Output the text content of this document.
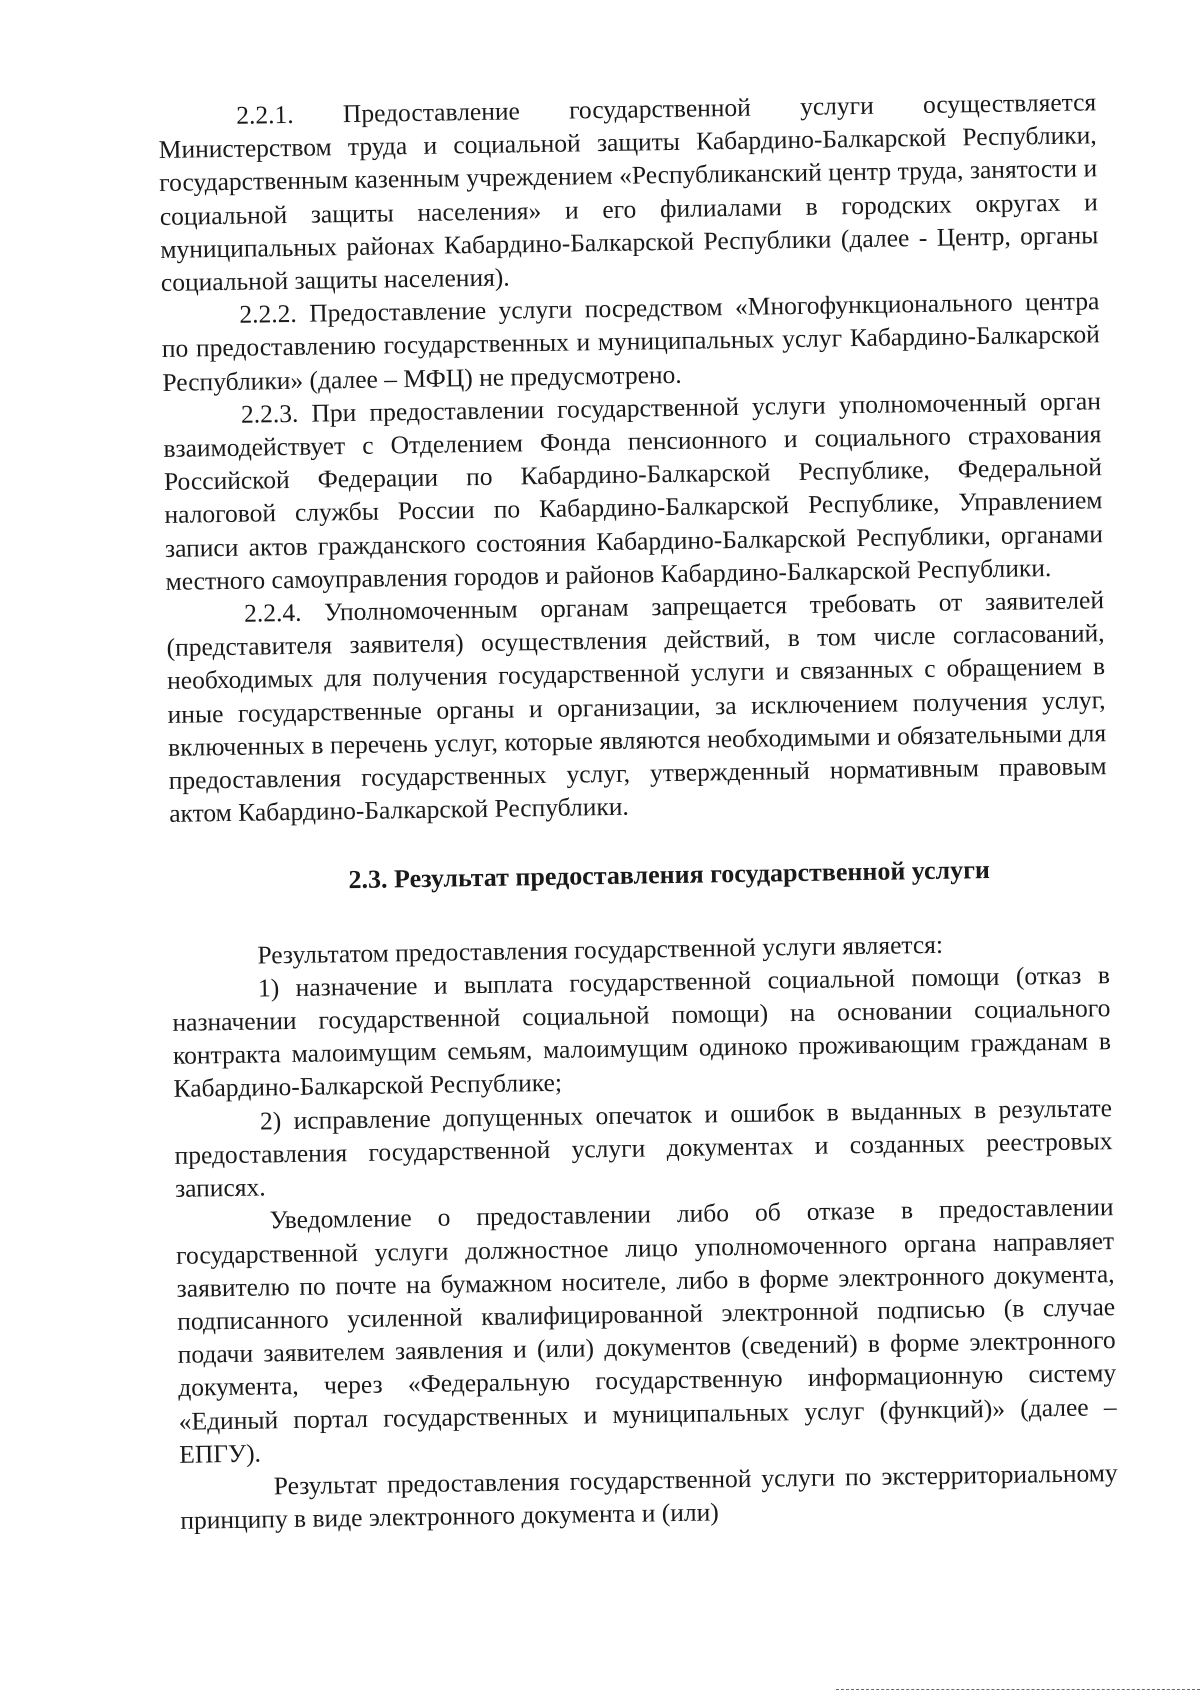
2.2.1. Предоставление государственной услуги осуществляется Министерством труда и социальной защиты Кабардино-Балкарской Республики, государственным казенным учреждением «Республиканский центр труда, занятости и социальной защиты населения» и его филиалами в городских округах и муниципальных районах Кабардино-Балкарской Республики (далее - Центр, органы социальной защиты населения).

2.2.2. Предоставление услуги посредством «Многофункционального центра по предоставлению государственных и муниципальных услуг Кабардино-Балкарской Республики» (далее – МФЦ) не предусмотрено.

2.2.3. При предоставлении государственной услуги уполномоченный орган взаимодействует с Отделением Фонда пенсионного и социального страхования Российской Федерации по Кабардино-Балкарской Республике, Федеральной налоговой службы России по Кабардино-Балкарской Республике, Управлением записи актов гражданского состояния Кабардино-Балкарской Республики, органами местного самоуправления городов и районов Кабардино-Балкарской Республики.

2.2.4. Уполномоченным органам запрещается требовать от заявителей (представителя заявителя) осуществления действий, в том числе согласований, необходимых для получения государственной услуги и связанных с обращением в иные государственные органы и организации, за исключением получения услуг, включенных в перечень услуг, которые являются необходимыми и обязательными для предоставления государственных услуг, утвержденный нормативным правовым актом Кабардино-Балкарской Республики.

2.3. Результат предоставления государственной услуги

Результатом предоставления государственной услуги является:

1) назначение и выплата государственной социальной помощи (отказ в назначении государственной социальной помощи) на основании социального контракта малоимущим семьям, малоимущим одиноко проживающим гражданам в Кабардино-Балкарской Республике;

2) исправление допущенных опечаток и ошибок в выданных в результате предоставления государственной услуги документах и созданных реестровых записях.

Уведомление о предоставлении либо об отказе в предоставлении государственной услуги должностное лицо уполномоченного органа направляет заявителю по почте на бумажном носителе, либо в форме электронного документа, подписанного усиленной квалифицированной электронной подписью (в случае подачи заявителем заявления и (или) документов (сведений) в форме электронного документа, через «Федеральную государственную информационную систему «Единый портал государственных и муниципальных услуг (функций)» (далее – ЕПГУ).

Результат предоставления государственной услуги по экстерриториальному принципу в виде электронного документа и (или)
